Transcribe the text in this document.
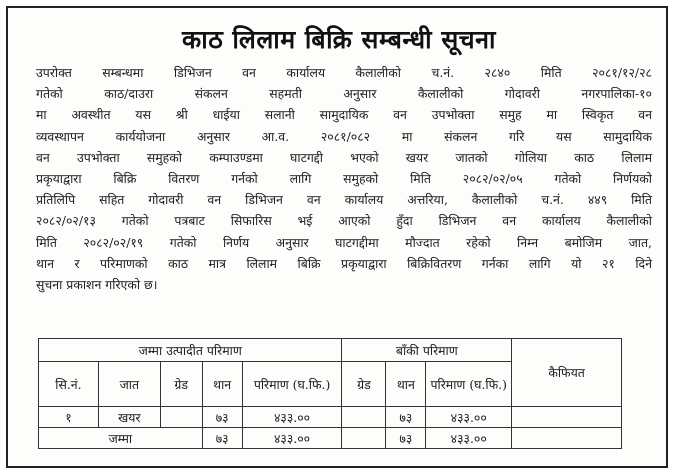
काठ लिलाम बिक्रि सम्बन्धी सूचना
उपरोक्त सम्बन्धमा डिभिजन वन कार्यालय कैलालीको च.नं. २८४० मिति २०८१/१२/२८
गतेको काठ/दाउरा संकलन सहमती अनुसार कैलालीको गोदावरी नगरपालिका-१०
मा अवस्थीत यस श्री धाईया सलानी सामुदायिक वन उपभोक्ता समुह मा स्विकृत वन
व्यवस्थापन कार्ययोजना अनुसार आ.व. २०८१/०८२ मा संकलन गरि यस सामुदायिक
वन उपभोक्ता समुहको कम्पाउण्डमा घाटगद्दी भएको खयर जातको गोलिया काठ लिलाम
प्रकृयाद्वारा बिक्रि वितरण गर्नको लागि समुहको मिति २०८२/०२/०५ गतेको निर्णयको
प्रतिलिपि सहित गोदावरी वन डिभिजन वन कार्यालय अत्तरिया, कैलालीको च.नं. ४४९ मिति
२०८२/०२/१३ गतेको पत्रबाट सिफारिस भई आएको हुँदा डिभिजन वन कार्यालय कैलालीको
मिति २०८२/०२/१९ गतेको निर्णय अनुसार घाटगद्दीमा मौज्दात रहेको निम्न बमोजिम जात,
थान र परिमाणको काठ मात्र लिलाम बिक्रि प्रकृयाद्वारा बिक्रिवितरण गर्नका लागि यो २१ दिने
सुचना प्रकाशन गरिएको छ।
जम्मा उत्पादीत परिमाण					बाँकी परिमाण			कैफियत
सि.नं.	जात	ग्रेड	थान	परिमाण (घ.फि.)	ग्रेड	थान	परिमाण (घ.फि.)	
१	खयर		७३	४३३.००		७३	४३३.००	
जम्मा			७३	४३३.००		७३	४३३.००	
